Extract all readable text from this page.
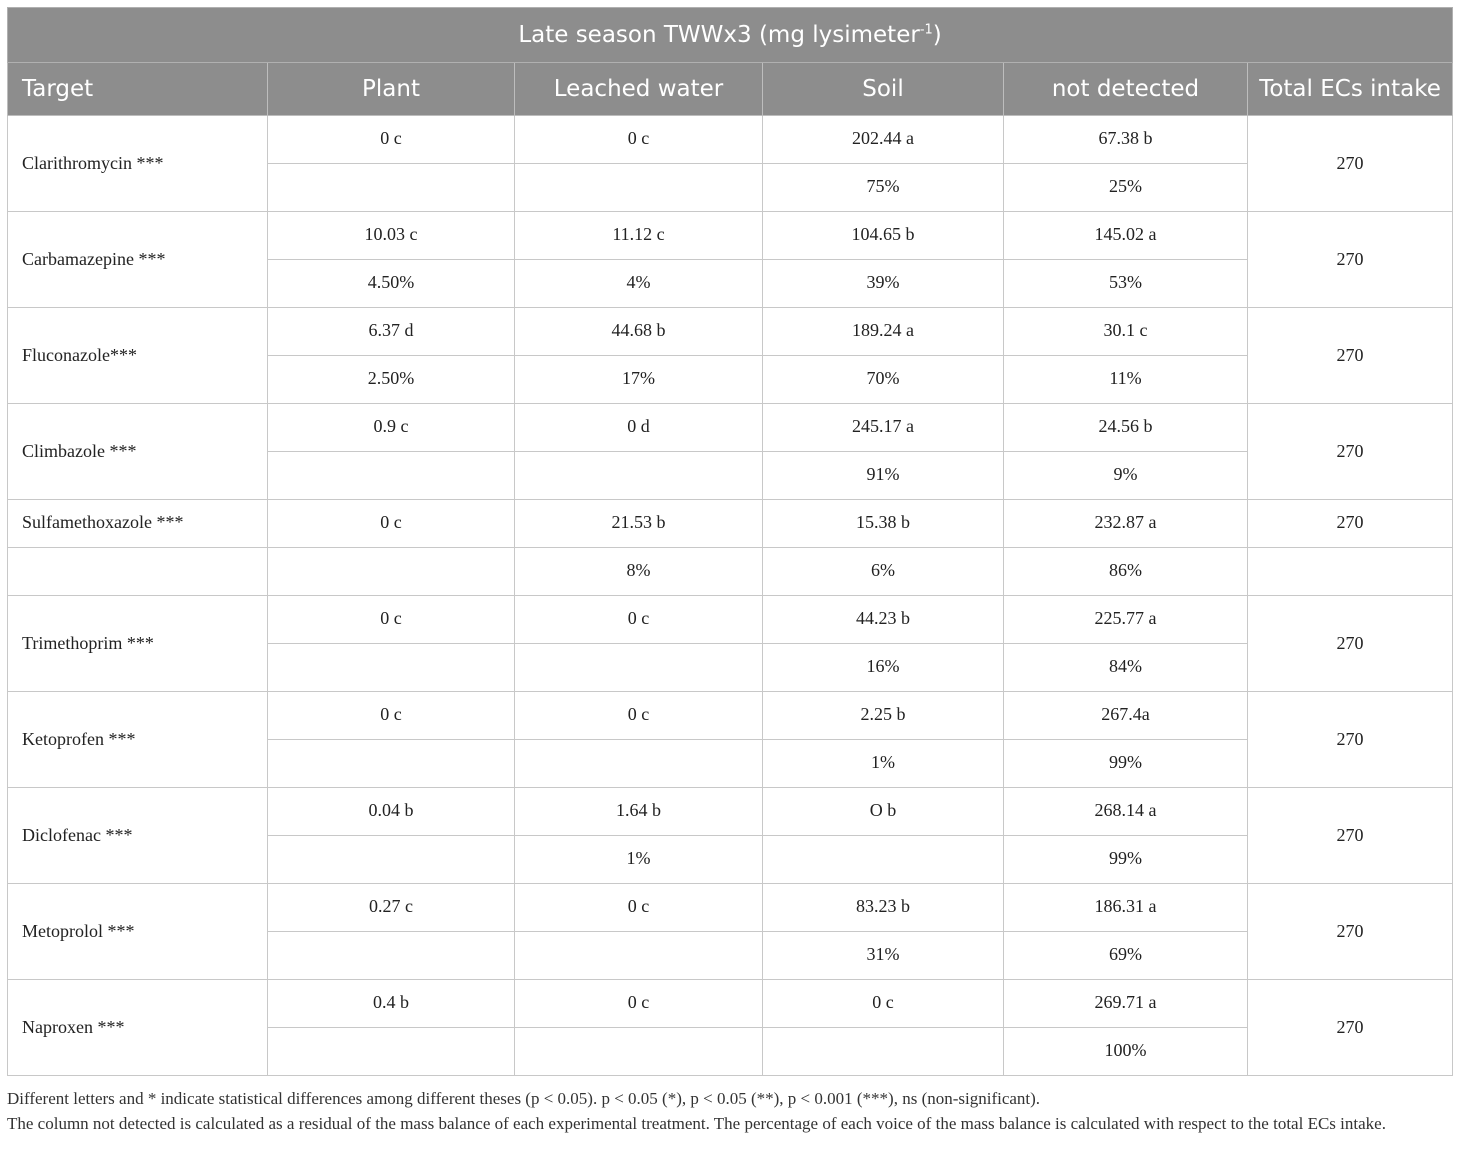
Late season TWWx3 (mg lysimeter$^{-1}$)					
Target	Plant	Leached water	Soil	not detected	Total ECs intake
Clarithromycin ***	0 c	0 c	202.44 a	67.38 b	270
			75%	25%	
Carbamazepine ***	10.03 c	11.12 c	104.65 b	145.02 a	270
	4.50%	4%	39%	53%	
Fluconazole***	6.37 d	44.68 b	189.24 a	30.1 c	270
	2.50%	17%	70%	11%	
Climbazole ***	0.9 c	0 d	245.17 a	24.56 b	270
			91%	9%	
Sulfamethoxazole ***	0 c	21.53 b	15.38 b	232.87 a	270
		8%	6%	86%	
Trimethoprim ***	0 c	0 c	44.23 b	225.77 a	270
			16%	84%	
Ketoprofen ***	0 c	0 c	2.25 b	267.4a	270
			1%	99%	
Diclofenac ***	0.04 b	1.64 b	O b	268.14 a	270
		1%		99%	
Metoprolol ***	0.27 c	0 c	83.23 b	186.31 a	270
			31%	69%	
Naproxen ***	0.4 b	0 c	0 c	269.71 a	270
				100%	

Different letters and * indicate statistical differences among different theses (p < 0.05). p < 0.05 (*), p < 0.05 (**), p < 0.001 (***), ns (non-significant).

The column not detected is calculated as a residual of the mass balance of each experimental treatment. The percentage of each voice of the mass balance is calculated with respect to the total ECs intake.
